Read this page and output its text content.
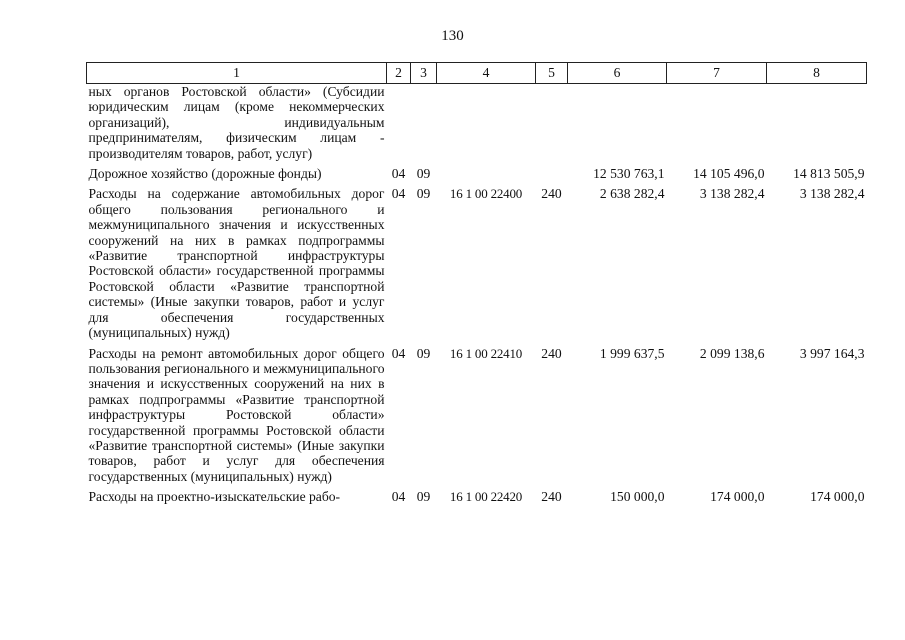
130
1	2	3	4	5	6	7	8
ных органов Ростовской области» (Субсидии юридическим лицам (кроме некоммерческих организаций), индивидуальным предпринимателям, физическим лицам - производителям товаров, работ, услуг)							
Дорожное хозяйство (дорожные фонды)	04	09			12 530 763,1	14 105 496,0	14 813 505,9
Расходы на содержание автомобильных дорог общего пользования регионального и межмуниципального значения и искусственных сооружений на них в рамках подпрограммы «Развитие транспортной инфраструктуры Ростовской области» государственной программы Ростовской области «Развитие транспортной системы» (Иные закупки товаров, работ и услуг для обеспечения государственных (муниципальных) нужд)	04	09	16 1 00 22400	240	2 638 282,4	3 138 282,4	3 138 282,4
Расходы на ремонт автомобильных дорог общего пользования регионального и межмуниципального значения и искусственных сооружений на них в рамках подпрограммы «Развитие транспортной инфраструктуры Ростовской области» государственной программы Ростовской области «Развитие транспортной системы» (Иные закупки товаров, работ и услуг для обеспечения государственных (муниципальных) нужд)	04	09	16 1 00 22410	240	1 999 637,5	2 099 138,6	3 997 164,3
Расходы на проектно-изыскательские рабо-	04	09	16 1 00 22420	240	150 000,0	174 000,0	174 000,0
